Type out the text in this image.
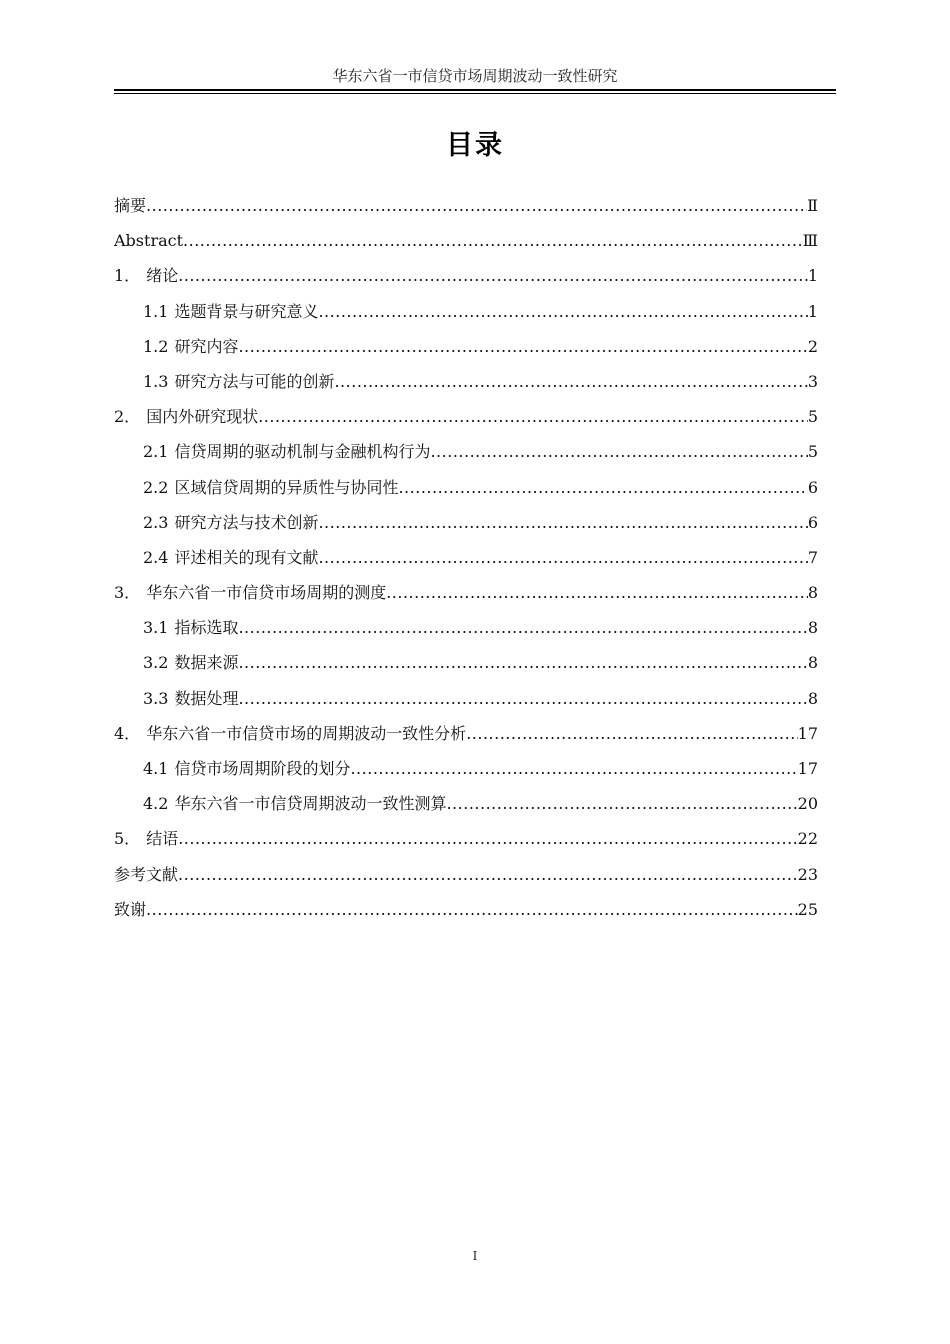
华东六省一市信贷市场周期波动一致性研究
目录
摘要 .....	Ⅱ
Abstract .....	Ⅲ
1． 绪论 .....	1
1.1 选题背景与研究意义 .....	1
1.2 研究内容 .....	2
1.3 研究方法与可能的创新 .....	3
2． 国内外研究现状 .....	5
2.1 信贷周期的驱动机制与金融机构行为 .....	5
2.2 区域信贷周期的异质性与协同性 .....	6
2.3 研究方法与技术创新 .....	6
2.4 评述相关的现有文献 .....	7
3． 华东六省一市信贷市场周期的测度 .....	8
3.1 指标选取 .....	8
3.2 数据来源 .....	8
3.3 数据处理 .....	8
4． 华东六省一市信贷市场的周期波动一致性分析 .....	17
4.1 信贷市场周期阶段的划分 .....	17
4.2 华东六省一市信贷周期波动一致性测算 .....	20
5． 结语 .....	22
参考文献 .....	23
致谢 .....	25
I
